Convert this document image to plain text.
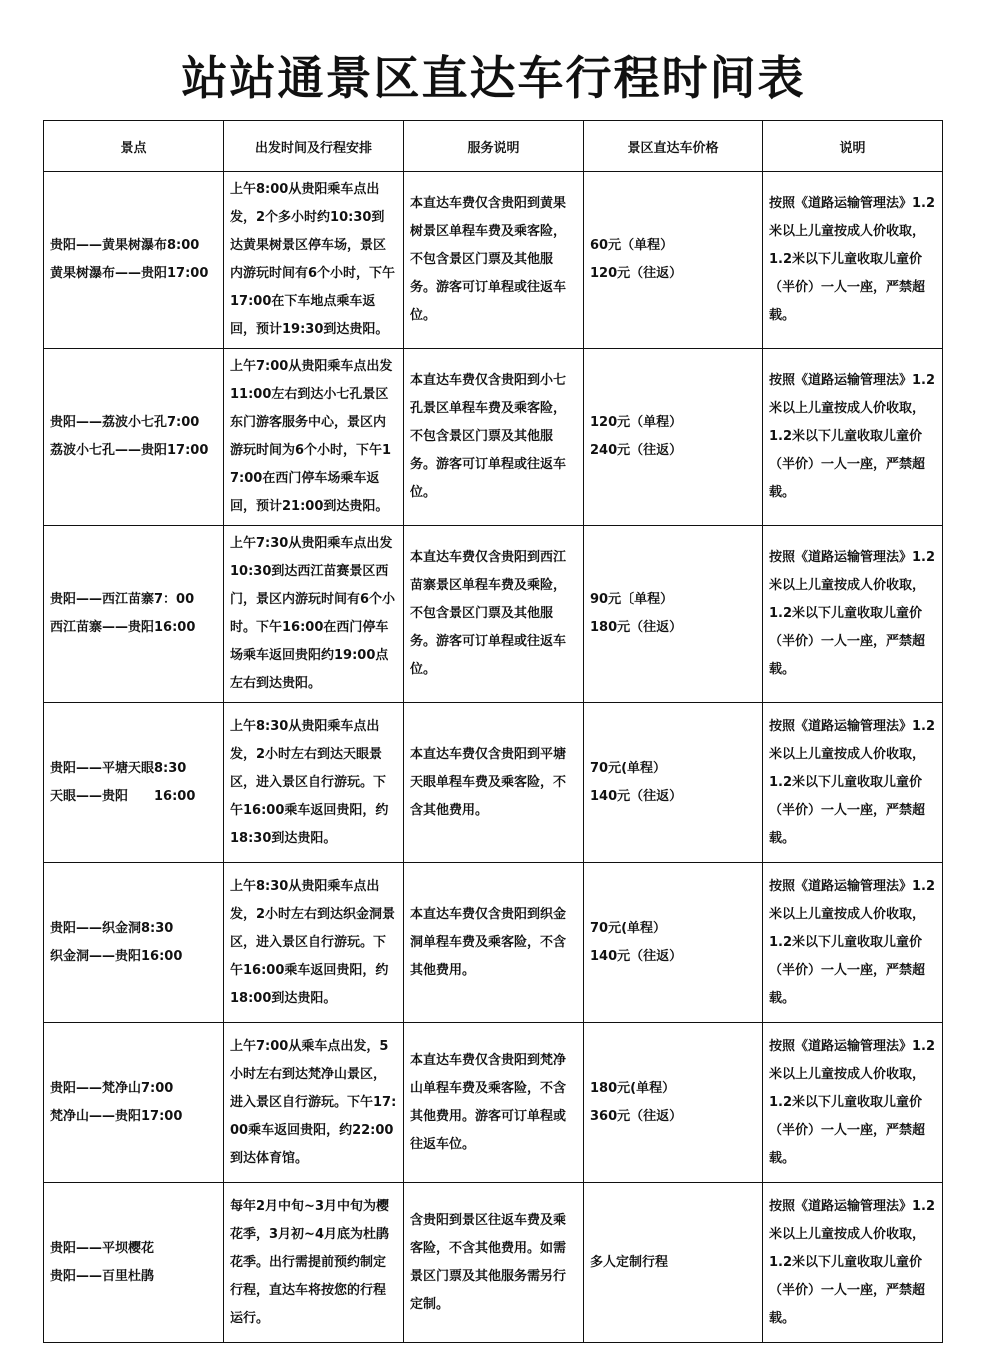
站站通景区直达车行程时间表
景点	出发时间及行程安排	服务说明	景区直达车价格	说明

贵阳——黄果树瀑布8:00
黄果树瀑布——贵阳17:00	上午8:00从贵阳乘车点出发，2个多小时约10:30到达黄果树景区停车场，景区内游玩时间有6个小时，下午17:00在下车地点乘车返回，预计19:30到达贵阳。	本直达车费仅含贵阳到黄果树景区单程车费及乘客险，不包含景区门票及其他服务。游客可订单程或往返车位。	60元（单程）
120元（往返）	按照《道路运输管理法》1.2米以上儿童按成人价收取，1.2米以下儿童收取儿童价（半价）一人一座，严禁超载。

贵阳——荔波小七孔7:00
荔波小七孔——贵阳17:00	上午7:00从贵阳乘车点出发11:00左右到达小七孔景区东门游客服务中心，景区内游玩时间为6个小时，下午17:00在西门停车场乘车返回，预计21:00到达贵阳。	本直达车费仅含贵阳到小七孔景区单程车费及乘客险，不包含景区门票及其他服务。游客可订单程或往返车位。	120元（单程）
240元（往返）	按照《道路运输管理法》1.2米以上儿童按成人价收取，1.2米以下儿童收取儿童价（半价）一人一座，严禁超载。

贵阳——西江苗寨7：00
西江苗寨——贵阳16:00	上午7:30从贵阳乘车点出发10:30到达西江苗赛景区西门，景区内游玩时间有6个小时。下午16:00在西门停车场乘车返回贵阳约19:00点左右到达贵阳。	本直达车费仅含贵阳到西江苗寨景区单程车费及乘险，不包含景区门票及其他服务。游客可订单程或往返车位。	90元〔单程）
180元（往返）	按照《道路运输管理法》1.2米以上儿童按成人价收取，1.2米以下儿童收取儿童价（半价）一人一座，严禁超载。

贵阳——平塘天眼8:30
天眼——贵阳　　16:00	上午8:30从贵阳乘车点出发，2小时左右到达天眼景区，进入景区自行游玩。下午16:00乘车返回贵阳，约18:30到达贵阳。	本直达车费仅含贵阳到平塘天眼单程车费及乘客险，不含其他费用。	70元(单程）
140元（往返）	按照《道路运输管理法》1.2米以上儿童按成人价收取，1.2米以下儿童收取儿童价（半价）一人一座，严禁超载。

贵阳——织金洞8:30
织金洞——贵阳16:00	上午8:30从贵阳乘车点出发，2小时左右到达织金洞景区，进入景区自行游玩。下午16:00乘车返回贵阳，约18:00到达贵阳。	本直达车费仅含贵阳到织金洞单程车费及乘客险，不含其他费用。	70元(单程）
140元（往返）	按照《道路运输管理法》1.2米以上儿童按成人价收取，1.2米以下儿童收取儿童价（半价）一人一座，严禁超载。

贵阳——梵净山7:00
梵净山——贵阳17:00	上午7:00从乘车点出发，5小时左右到达梵净山景区，进入景区自行游玩。下午17:00乘车返回贵阳，约22:00到达体育馆。	本直达车费仅含贵阳到梵净山单程车费及乘客险，不含其他费用。游客可订单程或往返车位。	180元(单程）
360元（往返）	按照《道路运输管理法》1.2米以上儿童按成人价收取，1.2米以下儿童收取儿童价（半价）一人一座，严禁超载。

贵阳——平坝樱花
贵阳——百里杜鹃	每年2月中旬~3月中旬为樱花季，3月初~4月底为杜鹃花季。出行需提前预约制定行程，直达车将按您的行程运行。	含贵阳到景区往返车费及乘客险，不含其他费用。如需景区门票及其他服务需另行定制。	多人定制行程	按照《道路运输管理法》1.2米以上儿童按成人价收取，1.2米以下儿童收取儿童价（半价）一人一座，严禁超载。
